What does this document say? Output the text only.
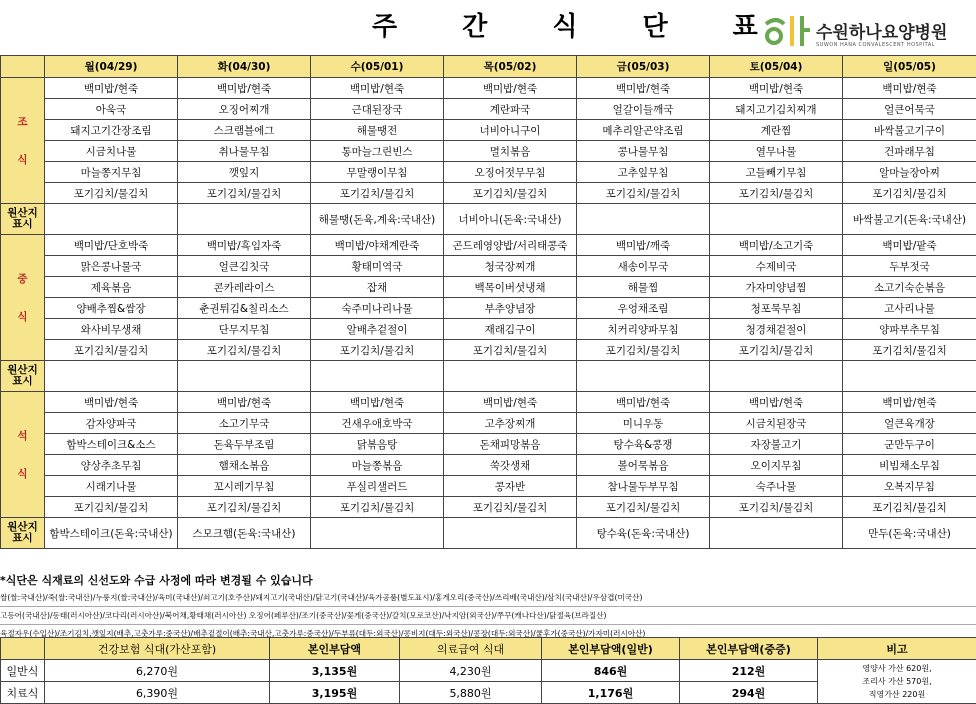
주 간 식 단 표 수원하나요양병원
SUWON HANA CONVALESCENT HOSPITAL
	월(04/29)	화(04/30)	수(05/01)	목(05/02)	금(05/03)	토(05/04)	일(05/05)
조
식	백미밥/현죽	백미밥/현죽	백미밥/현죽	백미밥/현죽	백미밥/현죽	백미밥/현죽	백미밥/현죽
	아욱국	오징어찌개	근대된장국	계란파국	얼갈이들깨국	돼지고기김치찌개	얼큰어묵국
	돼지고기간장조림	스크램블에그	해물땡전	너비아니구이	메추리알곤약조림	계란찜	바싹불고기구이
	시금치나물	취나물무침	통마늘그린빈스	멸치볶음	콩나물무침	열무나물	건파래무침
	마늘쫑지무침	깻잎지	무말랭이무침	오징어젓무무침	고추잎무침	고들빼기무침	알마늘장아찌
	포기김치/물김치	포기김치/물김치	포기김치/물김치	포기김치/물김치	포기김치/물김치	포기김치/물김치	포기김치/물김치
원산지
표시			해물땡(돈육,계육:국내산)	너비아니(돈육:국내산)			바싹불고기(돈육:국내산)
중
식	백미밥/단호박죽	백미밥/흑임자죽	백미밥/야채계란죽	곤드레영양밥/서리태콩죽	백미밥/깨죽	백미밥/소고기죽	백미밥/팥죽
	맑은콩나물국	얼큰김칫국	황태미역국	청국장찌개	새송이무국	수제비국	두부젓국
	제육볶음	콘카레라이스	잡채	백목이버섯냉채	해물찜	가자미양념찜	소고기숙순볶음
	양배추찜&쌈장	춘권튀김&칠리소스	숙주미나리나물	부추양념장	우엉채조림	청포묵무침	고사리나물
	와사비무생채	단무지무침	알배추겉절이	재래김구이	치커리양파무침	청경채겉절이	양파부추무침
	포기김치/물김치	포기김치/물김치	포기김치/물김치	포기김치/물김치	포기김치/물김치	포기김치/물김치	포기김치/물김치
원산지
표시							
석
식	백미밥/현죽	백미밥/현죽	백미밥/현죽	백미밥/현죽	백미밥/현죽	백미밥/현죽	백미밥/현죽
	감자양파국	소고기무국	건새우애호박국	고추장찌개	미니우동	시금치된장국	얼큰육개장
	함박스테이크&소스	돈육두부조림	닭볶음탕	돈채피망볶음	탕수육&콩쟁	자장불고기	군만두구이
	양상추초무침	햄채소볶음	마늘쫑볶음	쑥갓생채	볼어묵볶음	오이지무침	비빔채소무침
	시래기나물	꼬시레기무침	푸실리샐러드	콩자반	참나물두부무침	숙주나물	오복지무침
	포기김치/물김치	포기김치/물김치	포기김치/물김치	포기김치/물김치	포기김치/물김치	포기김치/물김치	포기김치/물김치
원산지
표시	함박스테이크(돈육:국내산)	스모크햄(돈육:국내산)			탕수육(돈육:국내산)		만두(돈육:국내산)
*식단은 식재료의 신선도와 수급 사정에 따라 변경될 수 있습니다
쌀(쌀:국내산)/죽(쌀:국내산)/누룽지(쌀:국내산)/육미(국내산)/쇠고기(호주산)/돼지고기(국내산)/닭고기(국내산)/육가공품(별도표시)/홍게오리(중국산)/쓰리베(국내산)/삼치(국내산)/우삼겹(미국산)
고등어(국내산)/동태(러시아산)/코다리(러시아산)/북어채,황태채(러시아산) 오징어(페루산)/조기(중국산)/꽃게(중국산)/갈치(모로코산)/낙지암(외국산)/쭈꾸(캐나다산)/닭절육(브라질산)
육절자우(수입산)/조기김치,깻잎지(배추,고춧가루:중국산)/배추겉절이(배추:국내산,고춧가루:중국산)/두부류(대두:외국산)/콩비지(대두:외국산)/콩장(대두:외국산)/쿨후가(중국산)/가자미(러시아산)
	건강보험 식대(가산포함)	본인부담액	의료급여 식대	본인부담액(일반)	본인부담액(중증)	비고
일반식	6,270원	3,135원	4,230원	846원	212원	영양사 가산 620원,
조리사 가산 570원,
직영가산 220원
치료식	6,390원	3,195원	5,880원	1,176원	294원	
